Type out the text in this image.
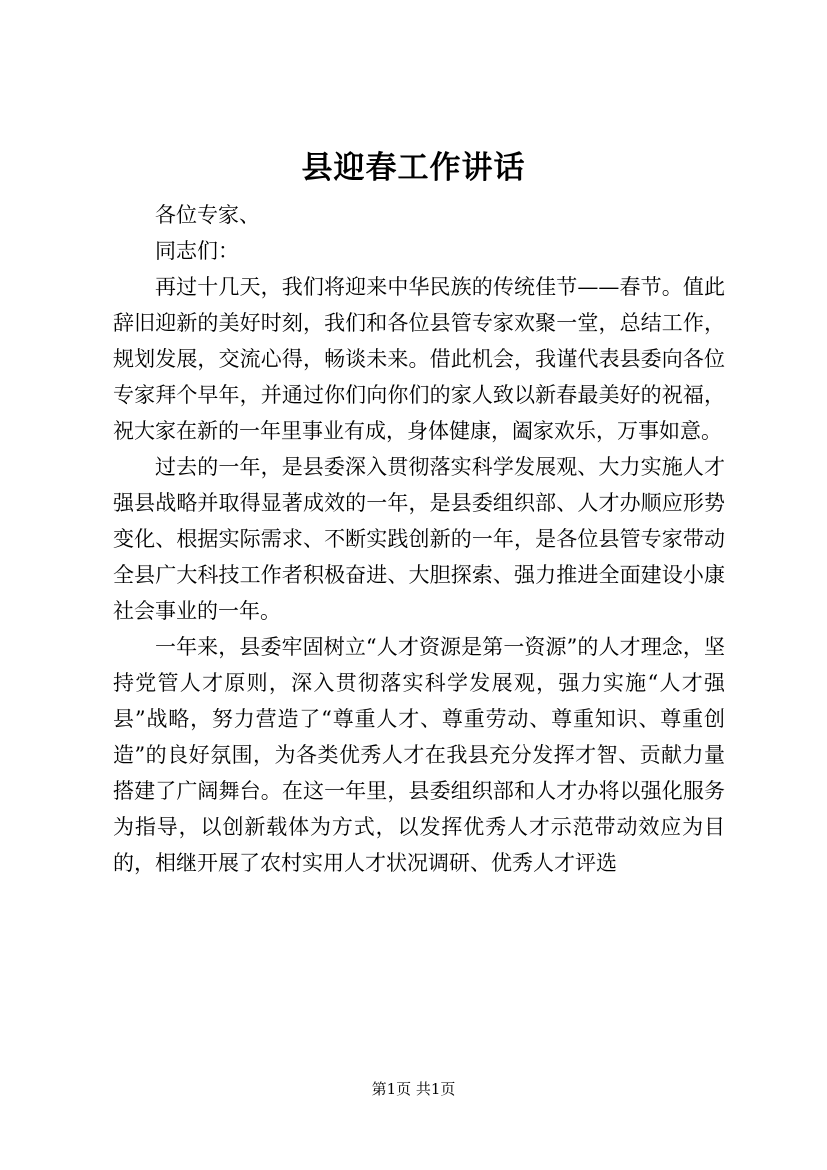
县迎春工作讲话

各位专家、

同志们：

再过十几天，我们将迎来中华民族的传统佳节——春节。值此辞旧迎新的美好时刻，我们和各位县管专家欢聚一堂，总结工作，规划发展，交流心得，畅谈未来。借此机会，我谨代表县委向各位专家拜个早年，并通过你们向你们的家人致以新春最美好的祝福，祝大家在新的一年里事业有成，身体健康，阖家欢乐，万事如意。

过去的一年，是县委深入贯彻落实科学发展观、大力实施人才强县战略并取得显著成效的一年，是县委组织部、人才办顺应形势变化、根据实际需求、不断实践创新的一年，是各位县管专家带动全县广大科技工作者积极奋进、大胆探索、强力推进全面建设小康社会事业的一年。

一年来，县委牢固树立“人才资源是第一资源”的人才理念，坚持党管人才原则，深入贯彻落实科学发展观，强力实施“人才强县”战略，努力营造了“尊重人才、尊重劳动、尊重知识、尊重创造”的良好氛围，为各类优秀人才在我县充分发挥才智、贡献力量搭建了广阔舞台。在这一年里，县委组织部和人才办将以强化服务为指导，以创新载体为方式，以发挥优秀人才示范带动效应为目的，相继开展了农村实用人才状况调研、优秀人才评选

第1页 共1页
